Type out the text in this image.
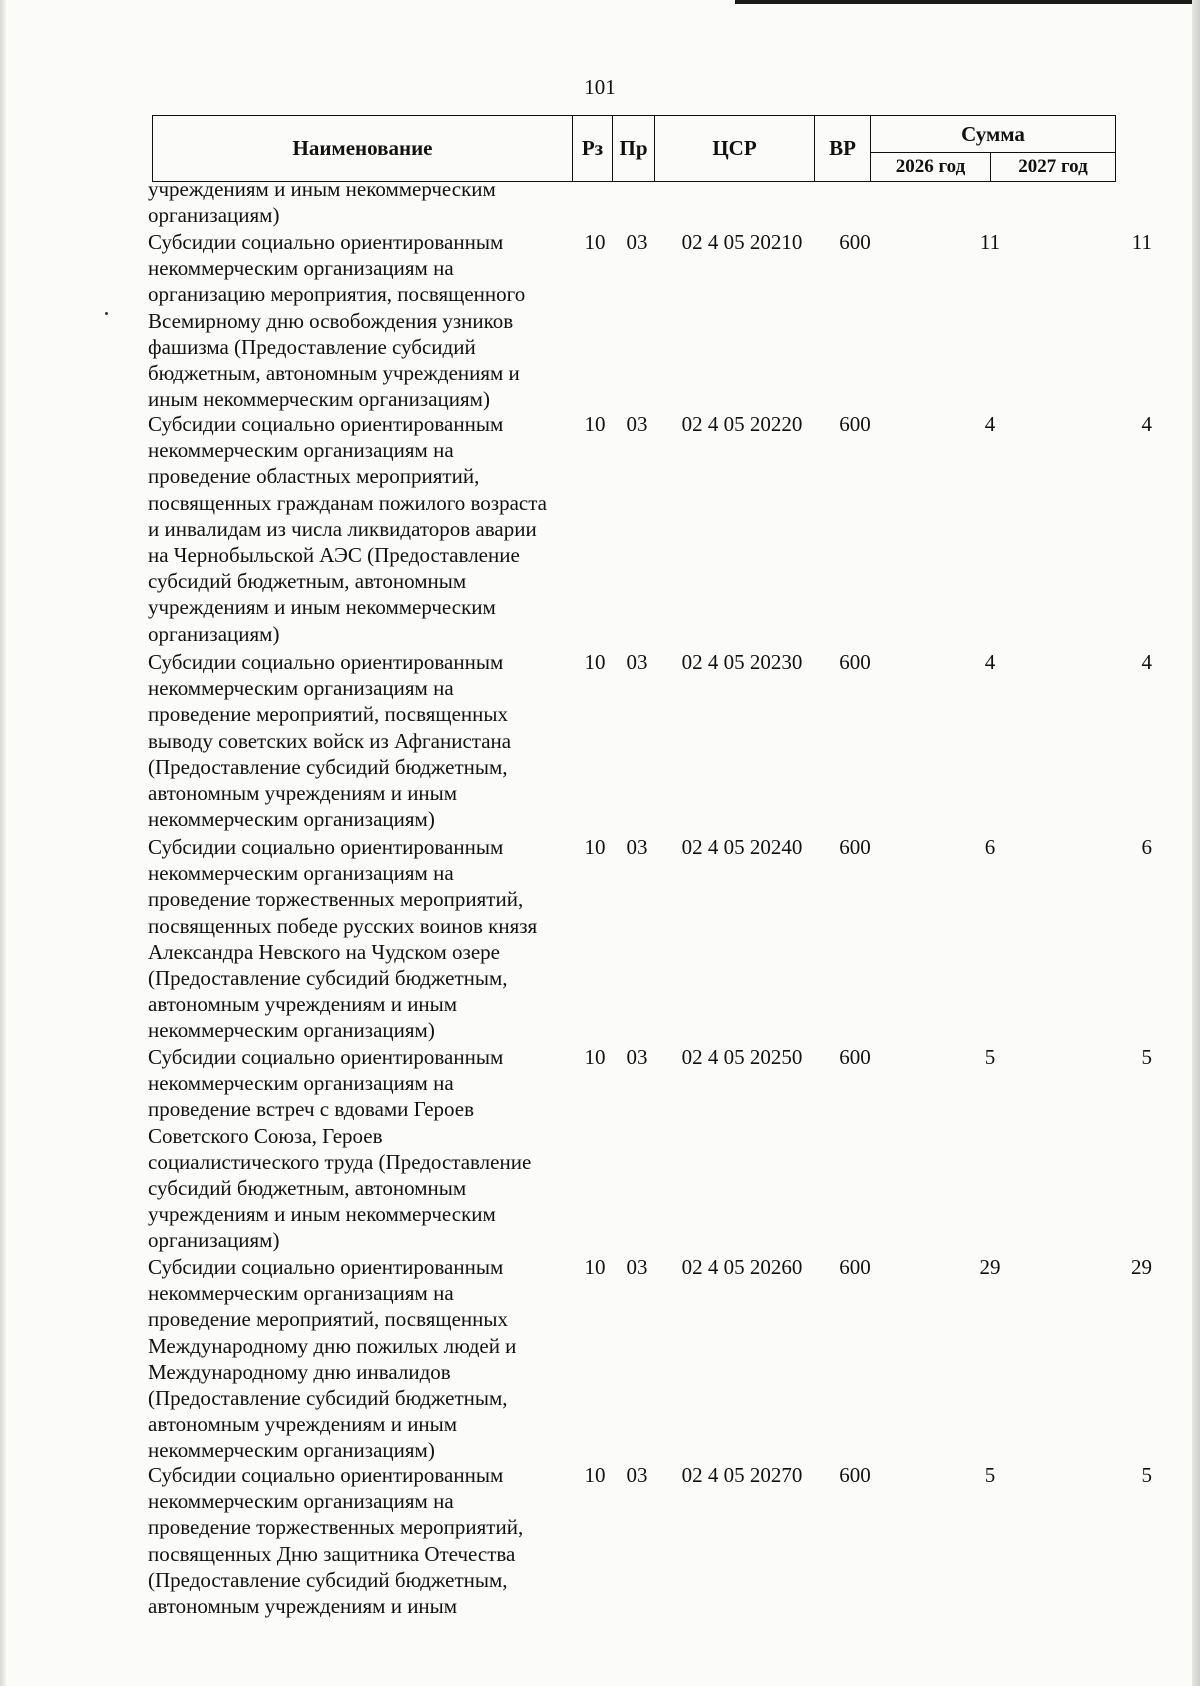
101
Наименование	Рз	Пр	ЦСР	ВР	Сумма	
					2026 год	2027 год
учреждениям и иным некоммерческим организациям)
Субсидии социально ориентированным некоммерческим организациям на организацию мероприятия, посвященного Всемирному дню освобождения узников фашизма (Предоставление субсидий бюджетным, автономным учреждениям и иным некоммерческим организациям)
10	03	02 4 05 20210	600	11	11
Субсидии социально ориентированным некоммерческим организациям на проведение областных мероприятий, посвященных гражданам пожилого возраста и инвалидам из числа ликвидаторов аварии на Чернобыльской АЭС (Предоставление субсидий бюджетным, автономным учреждениям и иным некоммерческим организациям)
10	03	02 4 05 20220	600	4	4
Субсидии социально ориентированным некоммерческим организациям на проведение мероприятий, посвященных выводу советских войск из Афганистана (Предоставление субсидий бюджетным, автономным учреждениям и иным некоммерческим организациям)
10	03	02 4 05 20230	600	4	4
Субсидии социально ориентированным некоммерческим организациям на проведение торжественных мероприятий, посвященных победе русских воинов князя Александра Невского на Чудском озере (Предоставление субсидий бюджетным, автономным учреждениям и иным некоммерческим организациям)
10	03	02 4 05 20240	600	6	6
Субсидии социально ориентированным некоммерческим организациям на проведение встреч с вдовами Героев Советского Союза, Героев социалистического труда (Предоставление субсидий бюджетным, автономным учреждениям и иным некоммерческим организациям)
10	03	02 4 05 20250	600	5	5
Субсидии социально ориентированным некоммерческим организациям на проведение мероприятий, посвященных Международному дню пожилых людей и Международному дню инвалидов (Предоставление субсидий бюджетным, автономным учреждениям и иным некоммерческим организациям)
10	03	02 4 05 20260	600	29	29
Субсидии социально ориентированным некоммерческим организациям на проведение торжественных мероприятий, посвященных Дню защитника Отечества (Предоставление субсидий бюджетным, автономным учреждениям и иным
10	03	02 4 05 20270	600	5	5
